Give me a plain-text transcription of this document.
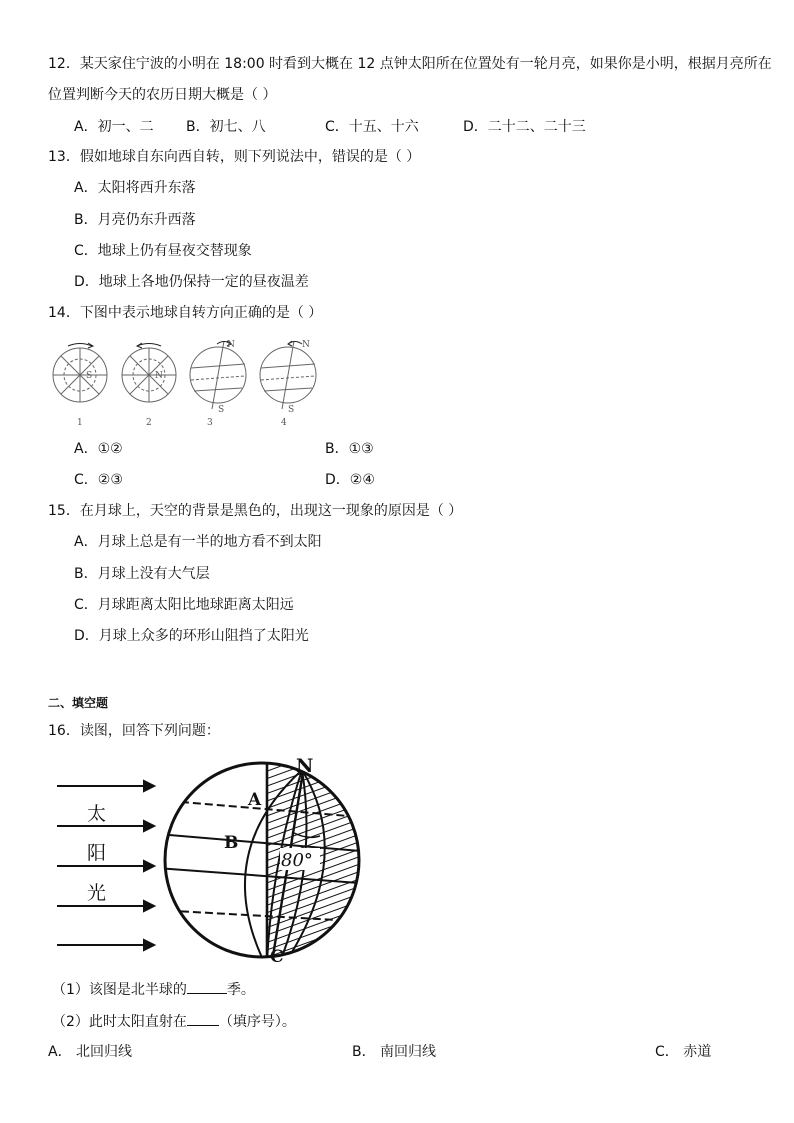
12．某天家住宁波的小明在 18:00 时看到大概在 12 点钟太阳所在位置处有一轮月亮，如果你是小明，根据月亮所在
位置判断今天的农历日期大概是（ ）
A．初一、二 B．初七、八	C．十五、十六	D．二十二、二十三
13．假如地球自东向西自转，则下列说法中，错误的是（ ）
A．太阳将西升东落
B．月亮仍东升西落
C．地球上仍有昼夜交替现象
D．地球上各地仍保持一定的昼夜温差
14．下图中表示地球自转方向正确的是（ ）
S
1
N
2
N
S
3
N
S
4
A．①②	B．①③
C．②③	D．②④
15．在月球上，天空的背景是黑色的，出现这一现象的原因是（ ）
A．月球上总是有一半的地方看不到太阳
B．月球上没有大气层
C．月球距离太阳比地球距离太阳远
D．月球上众多的环形山阻挡了太阳光
二、填空题
16．读图，回答下列问题：
太
阳
光
80°
A
B
C
N
（1）该图是北半球的	季。
（2）此时太阳直射在 （填序号）。
A． 北回归线	B． 南回归线	C． 赤道
